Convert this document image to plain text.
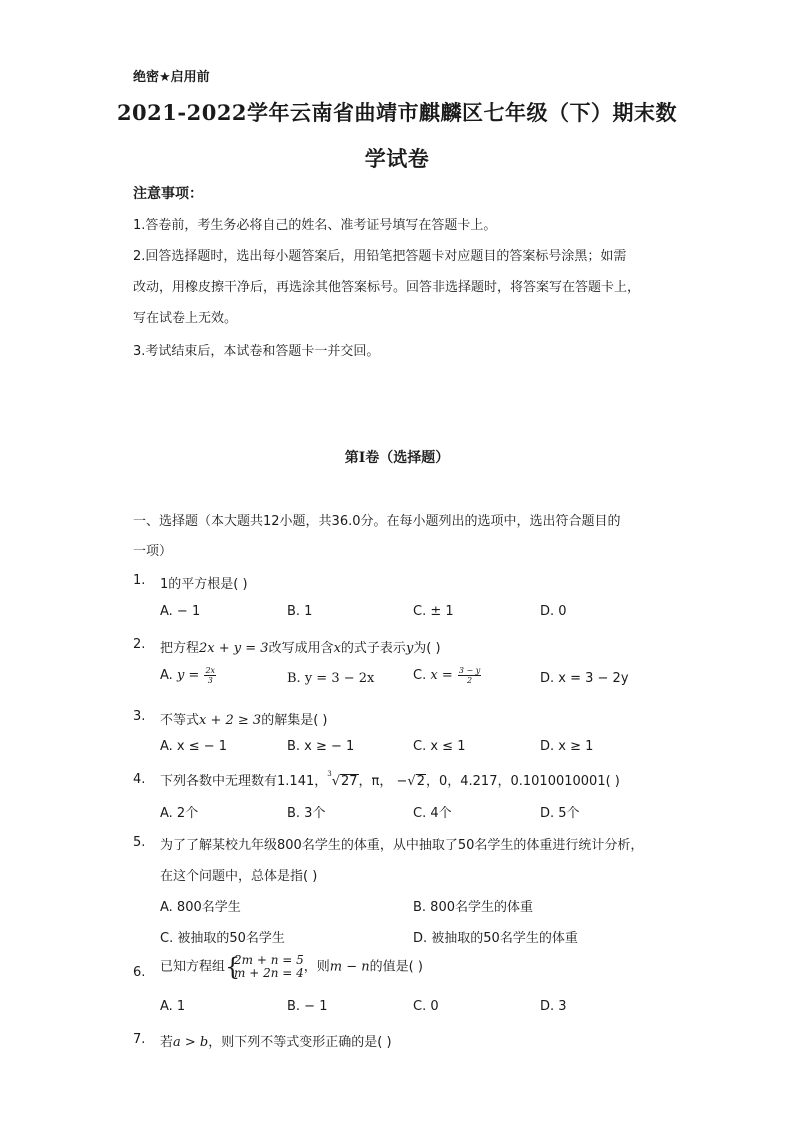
绝密★启用前
2021-2022学年云南省曲靖市麒麟区七年级（下）期末数
学试卷
注意事项：
1.答卷前，考生务必将自己的姓名、准考证号填写在答题卡上。
2.回答选择题时，选出每小题答案后，用铅笔把答题卡对应题目的答案标号涂黑；如需
改动，用橡皮擦干净后，再选涂其他答案标号。回答非选择题时，将答案写在答题卡上，
写在试卷上无效。
3.考试结束后，本试卷和答题卡一并交回。
第Ⅰ卷（选择题）
一、选择题（本大题共12小题，共36.0分。在每小题列出的选项中，选出符合题目的
一项）
1. 1的平方根是( )
A. − 1	B. 1	C. ± 1	D. 0
2. 把方程2x + y = 3改写成用含x的式子表示y为( )
A. $y = \frac{2x}{3}$	B. y = 3 − 2x	C. $x = \frac{3 - y}{2}$	D. x = 3 − 2y
3. 不等式x + 2 ≥ 3的解集是( )
A. x ≤ − 1	B. x ≥ − 1	C. x ≤ 1	D. x ≥ 1
4. 下列各数中无理数有1.141，$^3$√27，π， −√2，0，4.217，0.1010010001( )
A. 2个	B. 3个	C. 4个	D. 5个
5. 为了了解某校九年级800名学生的体重，从中抽取了50名学生的体重进行统计分析，
在这个问题中，总体是指( )
A. 800名学生	B. 800名学生的体重
C. 被抽取的50名学生	D. 被抽取的50名学生的体重
6. 已知方程组 {
2m + n = 5
m + 2n = 4 ，则m − n的值是( )
A. 1	B. − 1	C. 0	D. 3
7. 若a > b，则下列不等式变形正确的是( )
